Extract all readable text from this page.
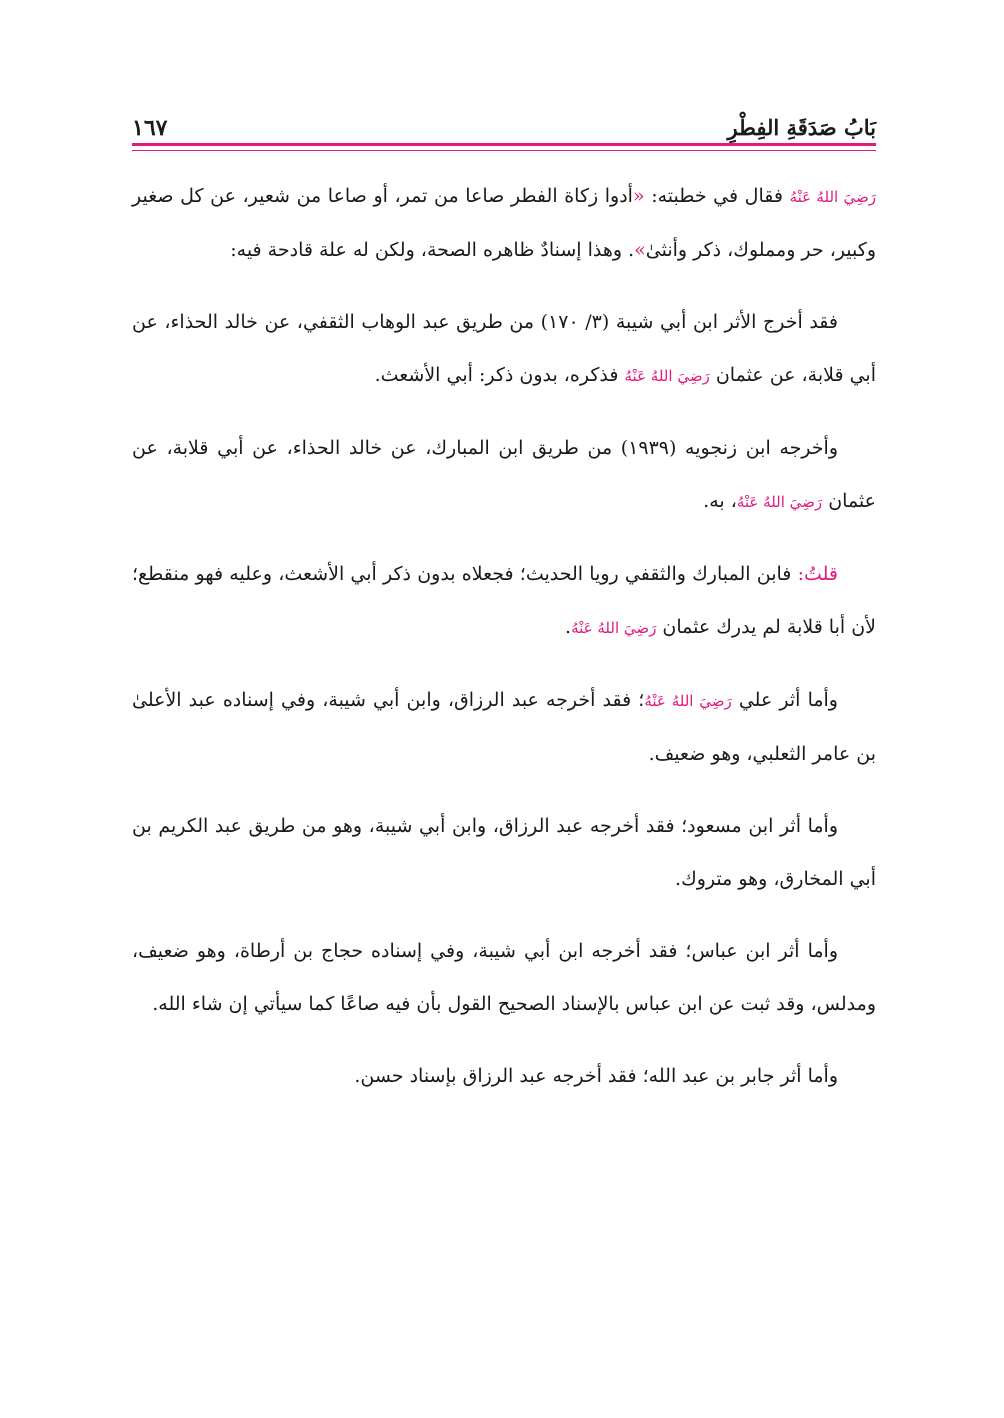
بَابُ صَدَقَةِ الفِطْرِ
١٦٧

رَضِيَ اللهُ عَنْهُ فقال في خطبته: «أدوا زكاة الفطر صاعا من تمر، أو صاعا من شعير، عن كل صغير وكبير، حر ومملوك، ذكر وأنثىٰ». وهذا إسنادٌ ظاهره الصحة، ولكن له علة قادحة فيه:

فقد أخرج الأثر ابن أبي شيبة (٣/ ١٧٠) من طريق عبد الوهاب الثقفي، عن خالد الحذاء، عن أبي قلابة، عن عثمان رَضِيَ اللهُ عَنْهُ فذكره، بدون ذكر: أبي الأشعث.

وأخرجه ابن زنجويه (١٩٣٩) من طريق ابن المبارك، عن خالد الحذاء، عن أبي قلابة، عن عثمان رَضِيَ اللهُ عَنْهُ، به.

قلتُ: فابن المبارك والثقفي رويا الحديث؛ فجعلاه بدون ذكر أبي الأشعث، وعليه فهو منقطع؛ لأن أبا قلابة لم يدرك عثمان رَضِيَ اللهُ عَنْهُ.

وأما أثر علي رَضِيَ اللهُ عَنْهُ؛ فقد أخرجه عبد الرزاق، وابن أبي شيبة، وفي إسناده عبد الأعلىٰ بن عامر الثعلبي، وهو ضعيف.

وأما أثر ابن مسعود؛ فقد أخرجه عبد الرزاق، وابن أبي شيبة، وهو من طريق عبد الكريم بن أبي المخارق، وهو متروك.

وأما أثر ابن عباس؛ فقد أخرجه ابن أبي شيبة، وفي إسناده حجاج بن أرطاة، وهو ضعيف، ومدلس، وقد ثبت عن ابن عباس بالإسناد الصحيح القول بأن فيه صاعًا كما سيأتي إن شاء الله.

وأما أثر جابر بن عبد الله؛ فقد أخرجه عبد الرزاق بإسناد حسن.
